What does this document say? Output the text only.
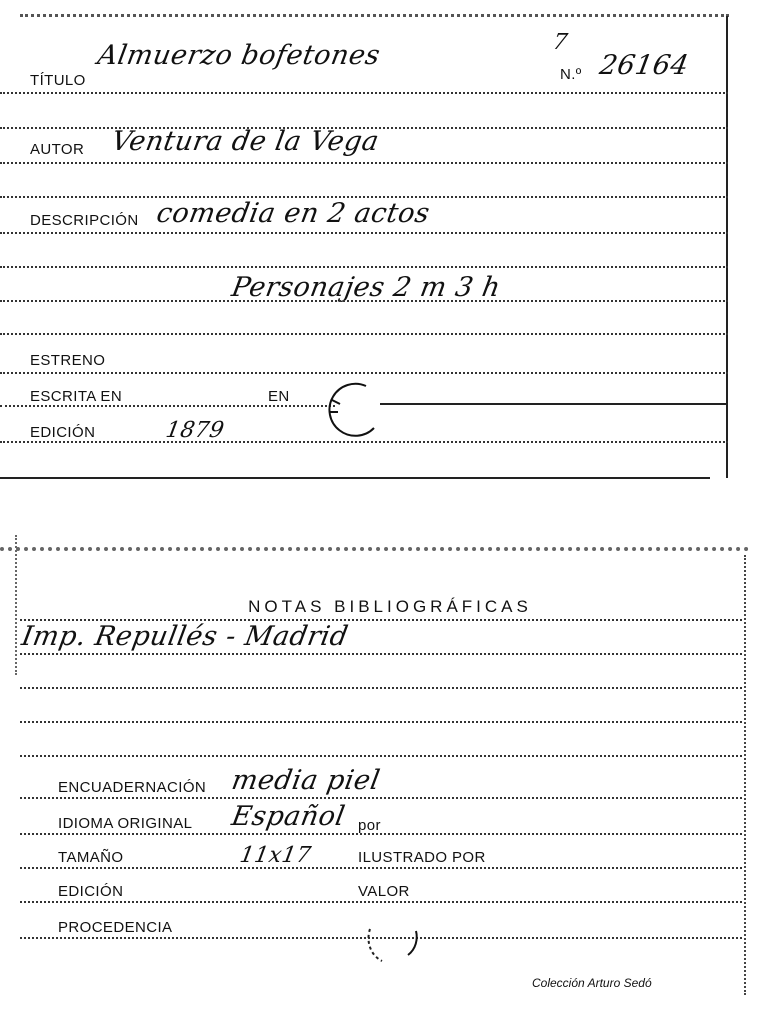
TÍTULO
Almuerzo bofetones	7
N.º 26164
AUTOR Ventura de la Vega
DESCRIPCIÓN comedia en 2 actos
Personajes 2 m 3 h
ESTRENO
ESCRITA EN	EN
EDICIÓN	1879
NOTAS BIBLIOGRÁFICAS
Imp. Repullés - Madrid
ENCUADERNACIÓN media piel
IDIOMA ORIGINAL Español por
TAMAÑO	11x17	ILUSTRADO POR
EDICIÓN	VALOR
PROCEDENCIA
Colección Arturo Sedó
